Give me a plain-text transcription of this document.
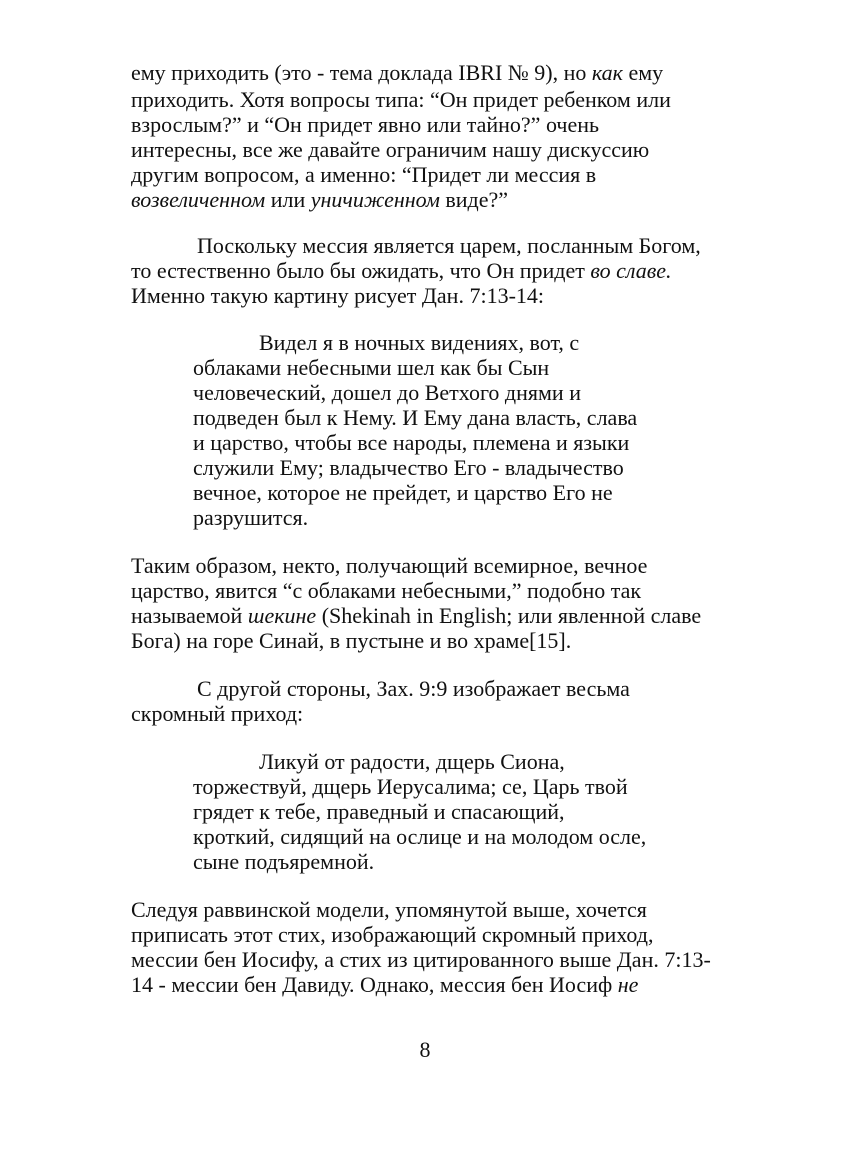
ему приходить (это - тема доклада IBRI № 9), но как ему
приходить. Хотя вопросы типа: “Он придет ребенком или
взрослым?” и “Он придет явно или тайно?” очень
интересны, все же давайте ограничим нашу дискуссию
другим вопросом, а именно: “Придет ли мессия в
возвеличенном или уничиженном виде?”
Поскольку мессия является царем, посланным Богом,
то естественно было бы ожидать, что Он придет во славе.
Именно такую картину рисует Дан. 7:13-14:
Видел я в ночных видениях, вот, с
облаками небесными шел как бы Сын
человеческий, дошел до Ветхого днями и
подведен был к Нему. И Ему дана власть, слава
и царство, чтобы все народы, племена и языки
служили Ему; владычество Его - владычество
вечное, которое не прейдет, и царство Его не
разрушится.
Таким образом, некто, получающий всемирное, вечное
царство, явится “с облаками небесными,” подобно так
называемой шекине (Shekinah in English; или явленной славе
Бога) на горе Синай, в пустыне и во храме[15].
С другой стороны, Зах. 9:9 изображает весьма
скромный приход:
Ликуй от радости, дщерь Сиона,
торжествуй, дщерь Иерусалима; се, Царь твой
грядет к тебе, праведный и спасающий,
кроткий, сидящий на ослице и на молодом осле,
сыне подъяремной.
Следуя раввинской модели, упомянутой выше, хочется
приписать этот стих, изображающий скромный приход,
мессии бен Иосифу, а стих из цитированного выше Дан. 7:13-
14 - мессии бен Давиду. Однако, мессия бен Иосиф не
8
